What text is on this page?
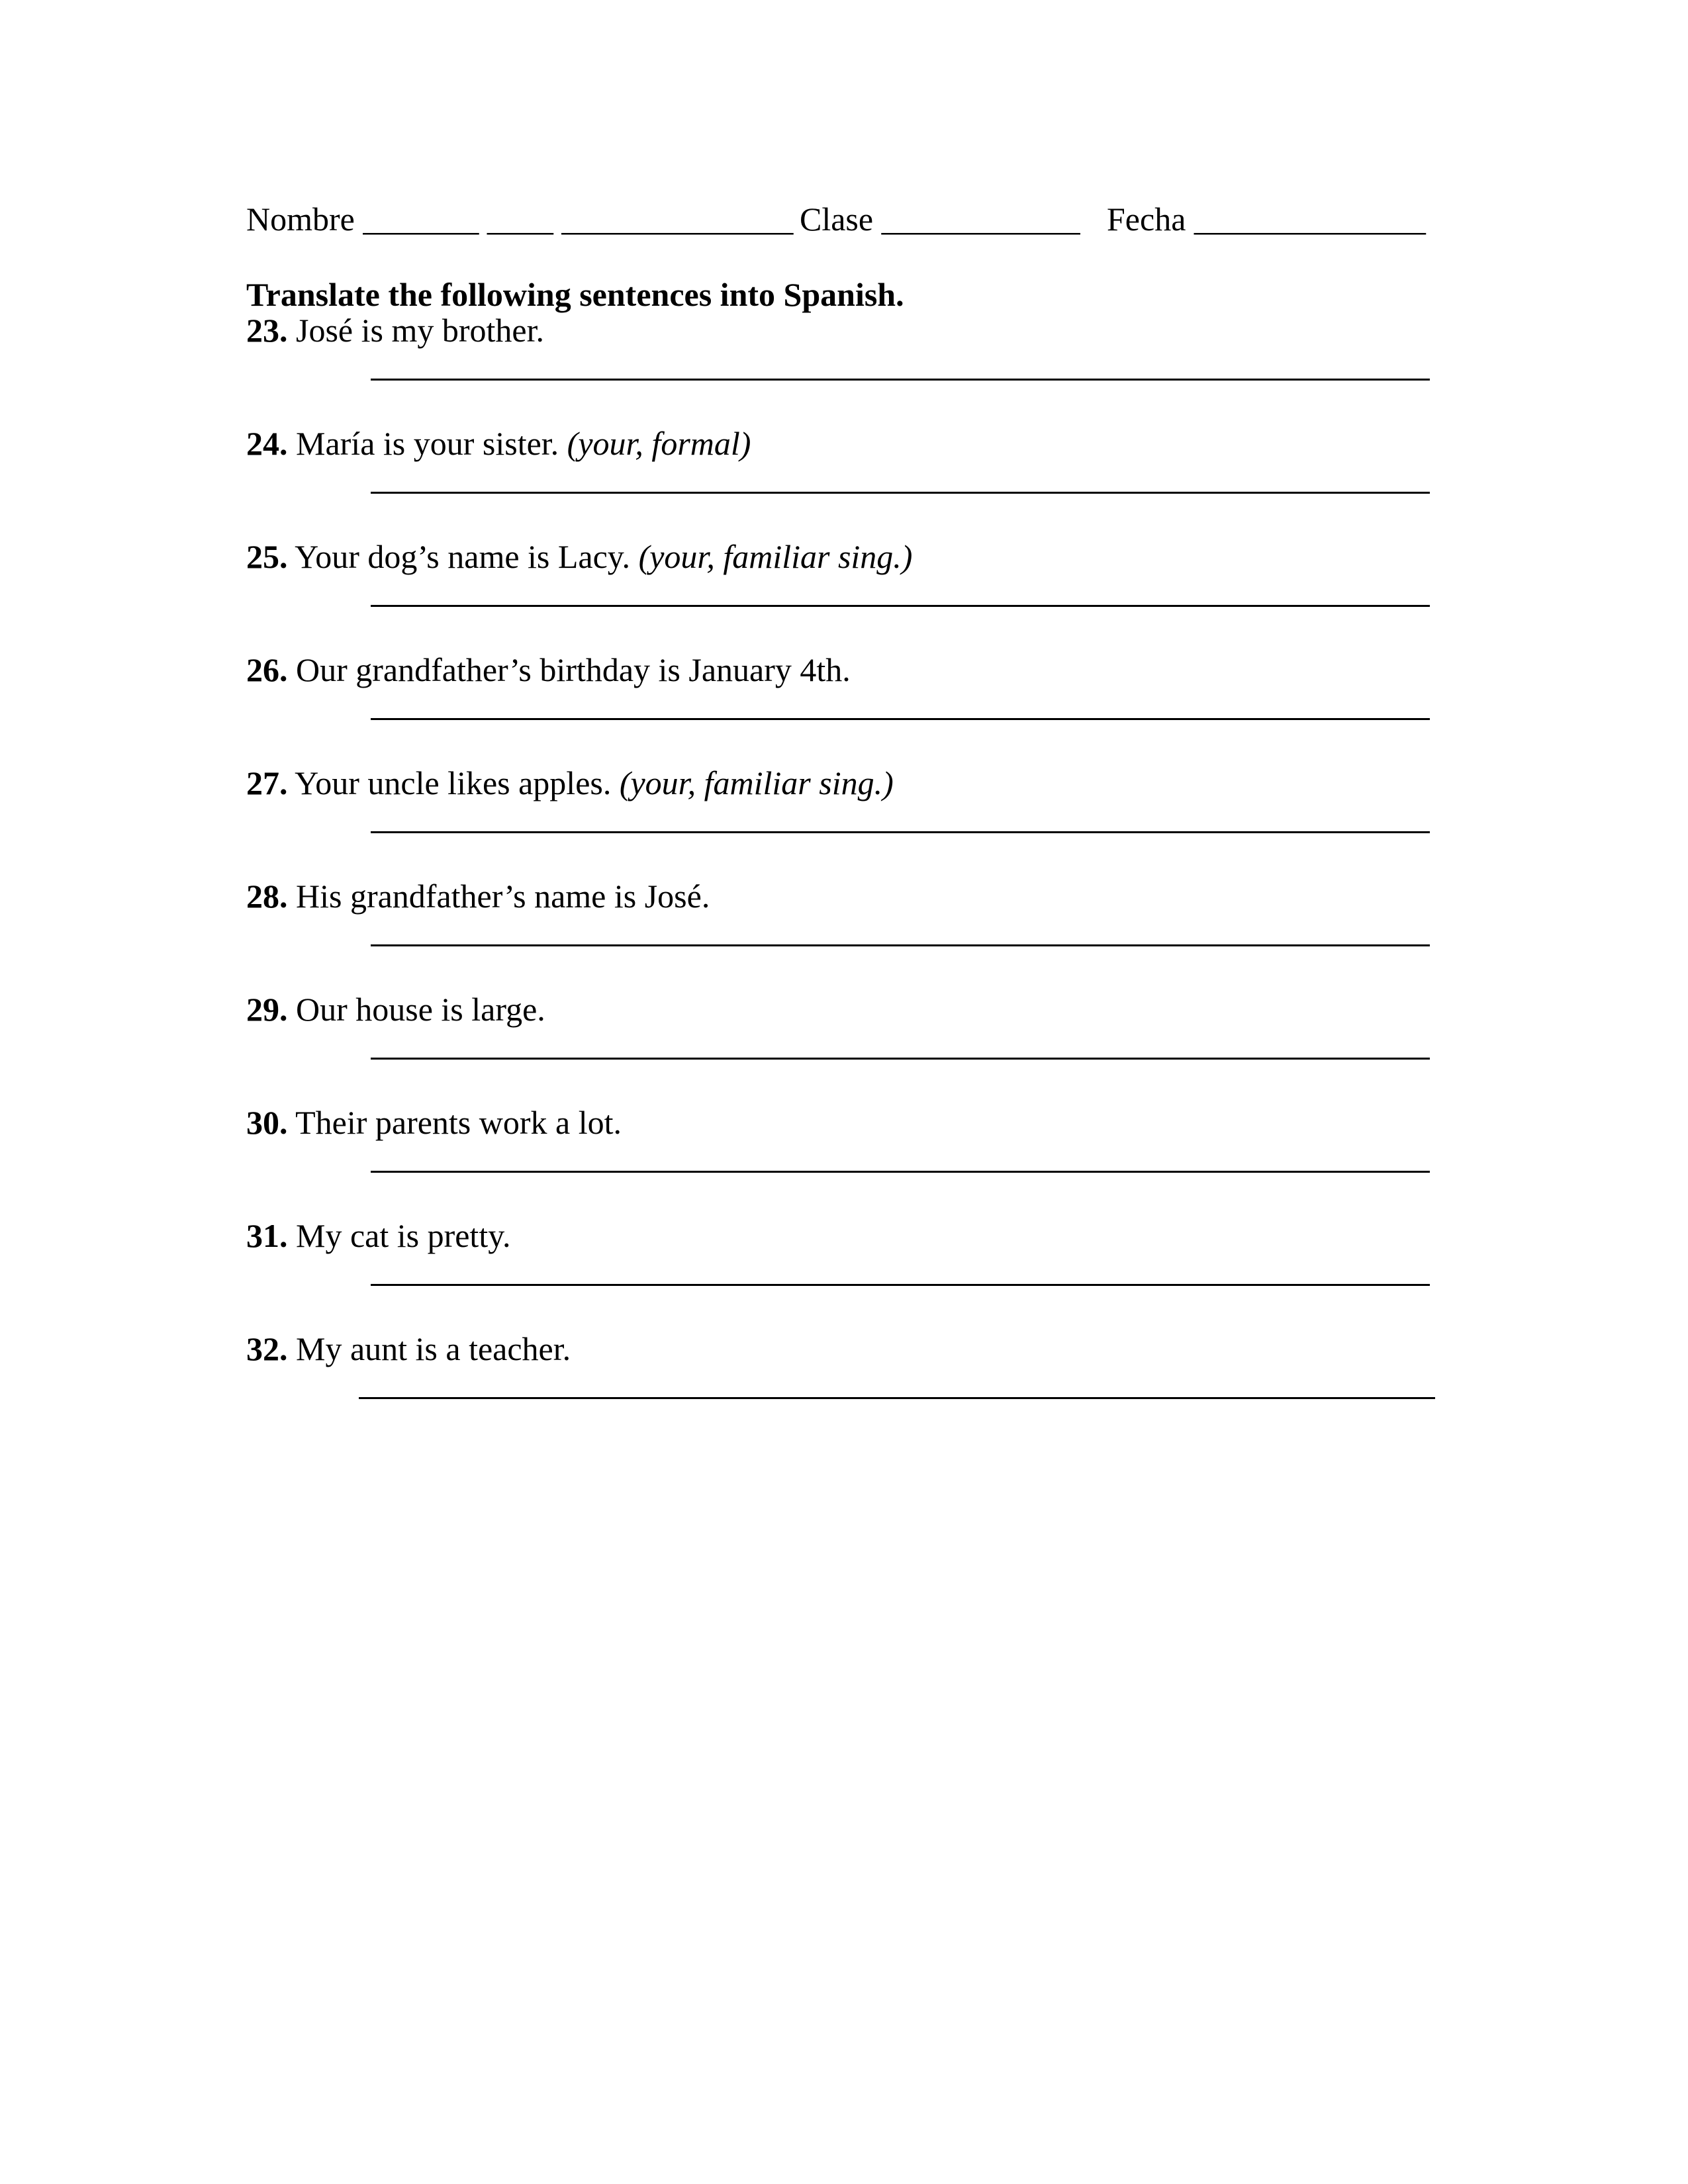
Nombre _______ ____ ______________ Clase ____________ Fecha ______________
Translate the following sentences into Spanish.
23. José is my brother.
24. María is your sister. (your, formal)
25. Your dog’s name is Lacy. (your, familiar sing.)
26. Our grandfather’s birthday is January 4th.
27. Your uncle likes apples. (your, familiar sing.)
28. His grandfather’s name is José.
29. Our house is large.
30. Their parents work a lot.
31. My cat is pretty.
32. My aunt is a teacher.
